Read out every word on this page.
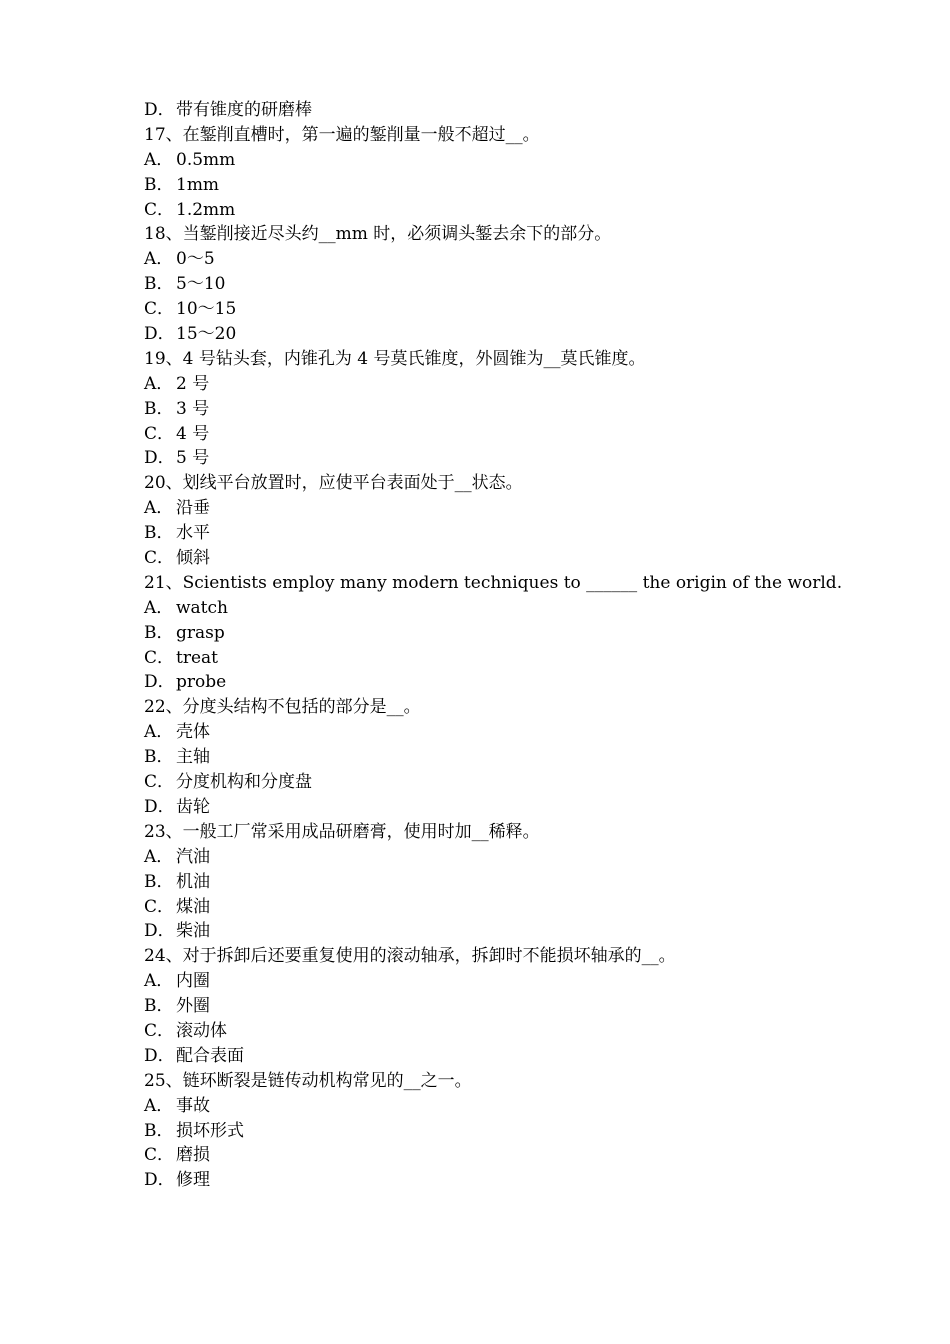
D．带有锥度的研磨棒
17、在錾削直槽时，第一遍的錾削量一般不超过__。
A． 0.5mm
B． 1mm
C． 1.2mm
18、当錾削接近尽头约__mm 时，必须调头錾去余下的部分。
A． 0～5
B． 5～10
C． 10～15
D．15～20
19、4 号钻头套，内锥孔为 4 号莫氏锥度，外圆锥为__莫氏锥度。
A． 2 号
B． 3 号
C． 4 号
D．5 号
20、划线平台放置时，应使平台表面处于__状态。
A． 沿垂
B． 水平
C． 倾斜
21、Scientists employ many modern techniques to ______ the origin of the world.
A． watch
B． grasp
C． treat
D．probe
22、分度头结构不包括的部分是__。
A． 壳体
B． 主轴
C． 分度机构和分度盘
D．齿轮
23、一般工厂常采用成品研磨膏，使用时加__稀释。
A． 汽油
B． 机油
C． 煤油
D．柴油
24、对于拆卸后还要重复使用的滚动轴承，拆卸时不能损坏轴承的__。
A． 内圈
B． 外圈
C． 滚动体
D．配合表面
25、链环断裂是链传动机构常见的__之一。
A． 事故
B． 损坏形式
C． 磨损
D．修理
